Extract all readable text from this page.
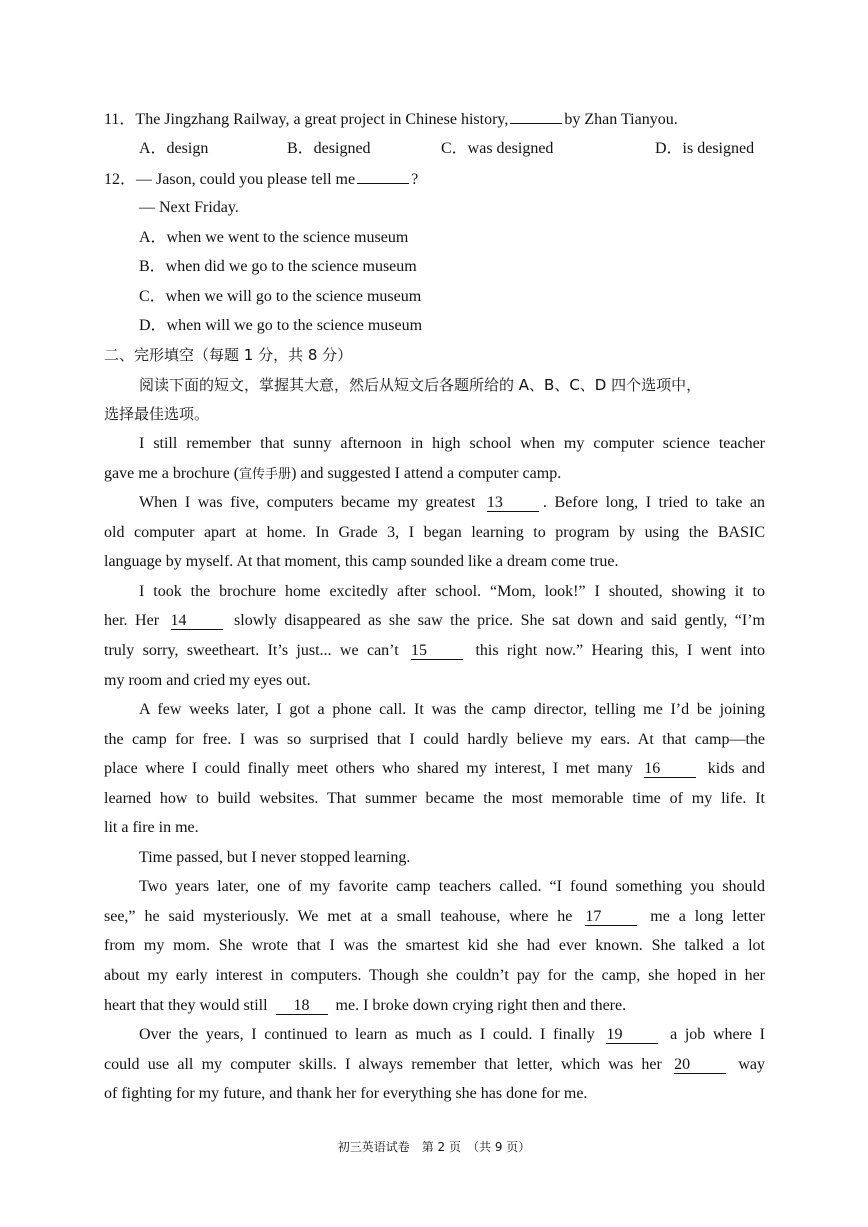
11．The Jingzhang Railway, a great project in Chinese history,	by Zhan Tianyou.
A．design	B．designed	C．was designed	D．is designed
12．— Jason, could you please tell me	?
— Next Friday.
A．when we went to the science museum
B．when did we go to the science museum
C．when we will go to the science museum
D．when will we go to the science museum
二、完形填空（每题 1 分，共 8 分）
阅读下面的短文，掌握其大意，然后从短文后各题所给的 A、B、C、D 四个选项中，
选择最佳选项。
I still remember that sunny afternoon in high school when my computer science teacher
gave me a brochure (宣传手册) and suggested I attend a computer camp.
When I was five, computers became my greatest 13	. Before long, I tried to take an
old computer apart at home. In Grade 3, I began learning to program by using the BASIC
language by myself. At that moment, this camp sounded like a dream come true.
I took the brochure home excitedly after school. “Mom, look!” I shouted, showing it to
her. Her 14	slowly disappeared as she saw the price. She sat down and said gently, “I’m
truly sorry, sweetheart. It’s just... we can’t 15	this right now.” Hearing this, I went into
my room and cried my eyes out.
A few weeks later, I got a phone call. It was the camp director, telling me I’d be joining
the camp for free. I was so surprised that I could hardly believe my ears. At that camp—the
place where I could finally meet others who shared my interest, I met many 16	kids and
learned how to build websites. That summer became the most memorable time of my life. It
lit a fire in me.
Time passed, but I never stopped learning.
Two years later, one of my favorite camp teachers called. “I found something you should
see,” he said mysteriously. We met at a small teahouse, where he 17	me a long letter
from my mom. She wrote that I was the smartest kid she had ever known. She talked a lot
about my early interest in computers. Though she couldn’t pay for the camp, she hoped in her
heart that they would still 18 me. I broke down crying right then and there.
Over the years, I continued to learn as much as I could. I finally 19	a job where I
could use all my computer skills. I always remember that letter, which was her 20	way
of fighting for my future, and thank her for everything she has done for me.
初三英语试卷　第 2 页　（共 9 页）
